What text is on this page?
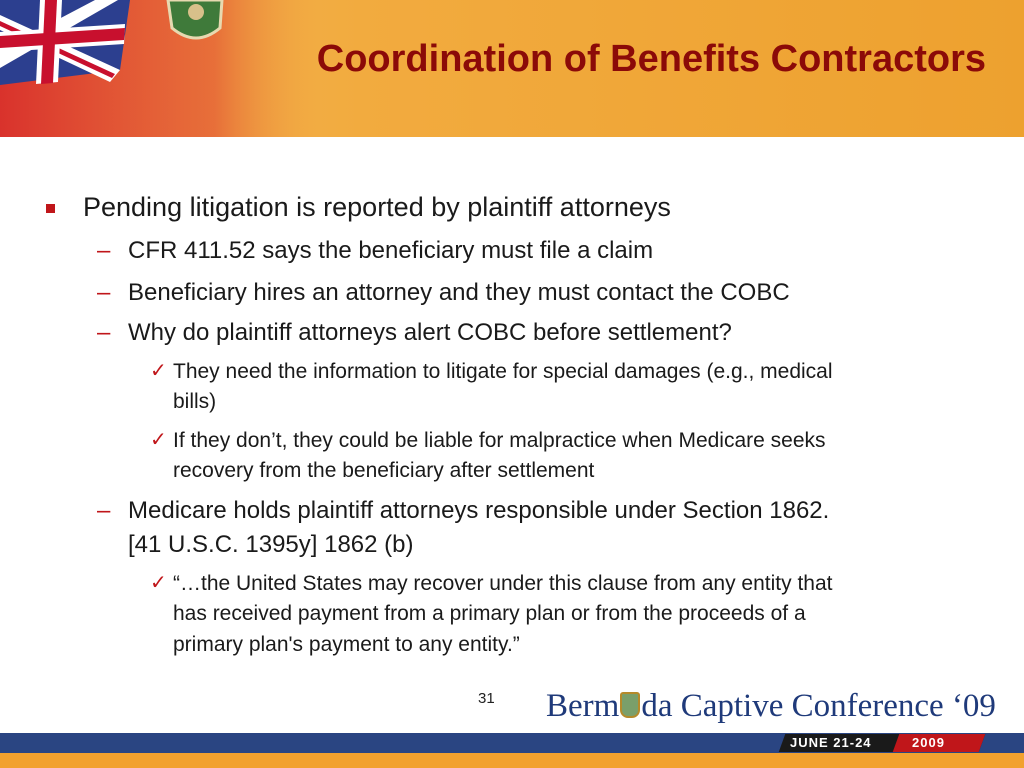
Coordination of Benefits Contractors
Pending litigation is reported by plaintiff attorneys
– CFR 411.52 says the beneficiary must file a claim
– Beneficiary hires an attorney and they must contact the COBC
– Why do plaintiff attorneys alert COBC before settlement?
✓ They need the information to litigate for special damages (e.g., medical
bills)
✓ If they don’t, they could be liable for malpractice when Medicare seeks
recovery from the beneficiary after settlement
– Medicare holds plaintiff attorneys responsible under Section 1862.
[41 U.S.C. 1395y] 1862 (b)
✓ “…the United States may recover under this clause from any entity that
has received payment from a primary plan or from the proceeds of a
primary plan's payment to any entity.”
31 Berm da Captive Conference ‘09
JUNE 21-24	2009
